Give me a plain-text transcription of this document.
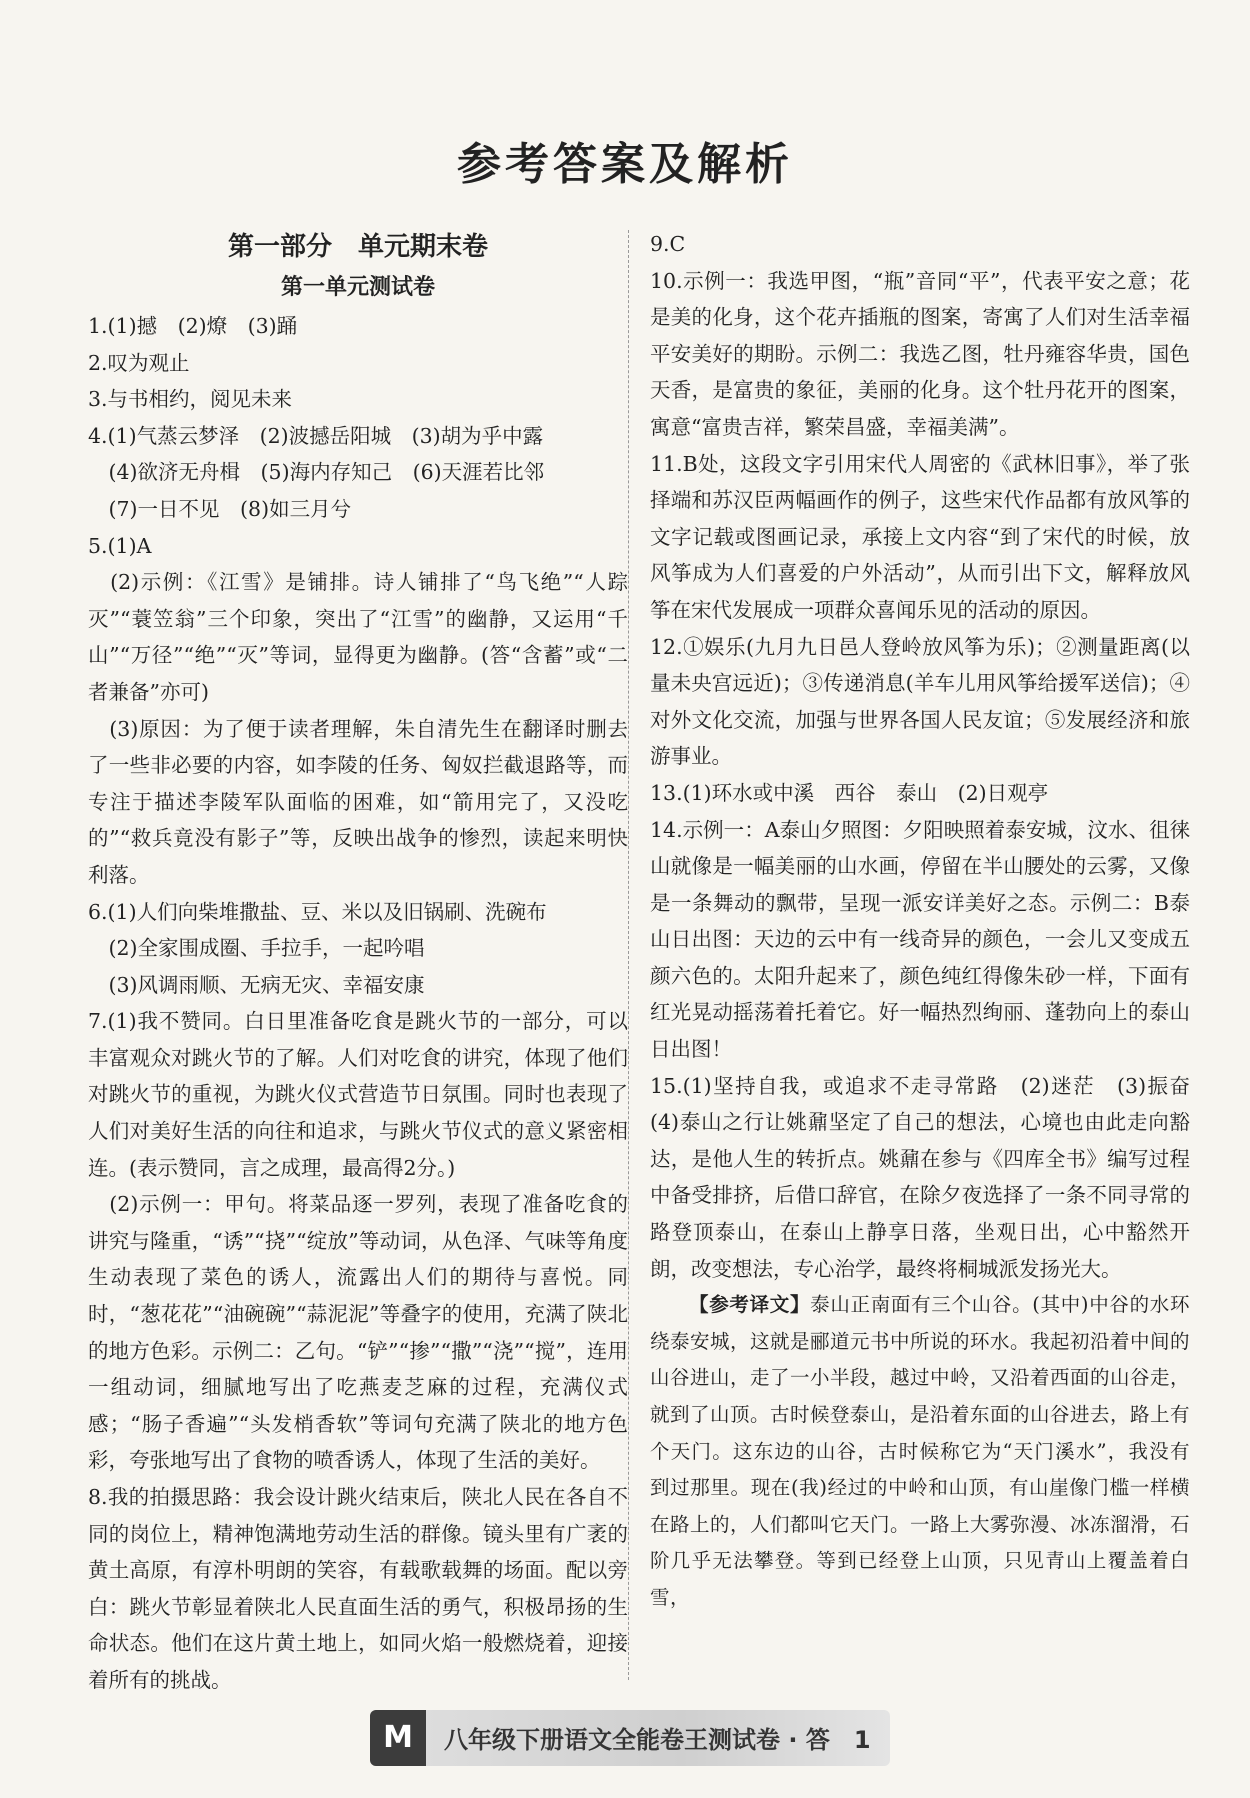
参考答案及解析
第一部分　单元期末卷
第一单元测试卷
1.(1)撼　(2)燎　(3)踊
2.叹为观止
3.与书相约，阅见未来
4.(1)气蒸云梦泽　(2)波撼岳阳城　(3)胡为乎中露
　(4)欲济无舟楫　(5)海内存知己　(6)天涯若比邻
　(7)一日不见　(8)如三月兮
5.(1)A
　(2)示例：《江雪》是铺排。诗人铺排了“鸟飞绝”“人踪灭”“蓑笠翁”三个印象，突出了“江雪”的幽静，又运用“千山”“万径”“绝”“灭”等词，显得更为幽静。(答“含蓄”或“二者兼备”亦可)
　(3)原因：为了便于读者理解，朱自清先生在翻译时删去了一些非必要的内容，如李陵的任务、匈奴拦截退路等，而专注于描述李陵军队面临的困难，如“箭用完了，又没吃的”“救兵竟没有影子”等，反映出战争的惨烈，读起来明快利落。
6.(1)人们向柴堆撒盐、豆、米以及旧锅刷、洗碗布
　(2)全家围成圈、手拉手，一起吟唱
　(3)风调雨顺、无病无灾、幸福安康
7.(1)我不赞同。白日里准备吃食是跳火节的一部分，可以丰富观众对跳火节的了解。人们对吃食的讲究，体现了他们对跳火节的重视，为跳火仪式营造节日氛围。同时也表现了人们对美好生活的向往和追求，与跳火节仪式的意义紧密相连。(表示赞同，言之成理，最高得2分。)
　(2)示例一：甲句。将菜品逐一罗列，表现了准备吃食的讲究与隆重，“诱”“挠”“绽放”等动词，从色泽、气味等角度生动表现了菜色的诱人，流露出人们的期待与喜悦。同时，“葱花花”“油碗碗”“蒜泥泥”等叠字的使用，充满了陕北的地方色彩。示例二：乙句。“铲”“掺”“撒”“浇”“搅”，连用一组动词，细腻地写出了吃燕麦芝麻的过程，充满仪式感；“肠子香遍”“头发梢香软”等词句充满了陕北的地方色彩，夸张地写出了食物的喷香诱人，体现了生活的美好。
8.我的拍摄思路：我会设计跳火结束后，陕北人民在各自不同的岗位上，精神饱满地劳动生活的群像。镜头里有广袤的黄土高原，有淳朴明朗的笑容，有载歌载舞的场面。配以旁白：跳火节彰显着陕北人民直面生活的勇气，积极昂扬的生命状态。他们在这片黄土地上，如同火焰一般燃烧着，迎接着所有的挑战。
9.C
10.示例一：我选甲图，“瓶”音同“平”，代表平安之意；花是美的化身，这个花卉插瓶的图案，寄寓了人们对生活幸福平安美好的期盼。示例二：我选乙图，牡丹雍容华贵，国色天香，是富贵的象征，美丽的化身。这个牡丹花开的图案，寓意“富贵吉祥，繁荣昌盛，幸福美满”。
11.B处，这段文字引用宋代人周密的《武林旧事》，举了张择端和苏汉臣两幅画作的例子，这些宋代作品都有放风筝的文字记载或图画记录，承接上文内容“到了宋代的时候，放风筝成为人们喜爱的户外活动”，从而引出下文，解释放风筝在宋代发展成一项群众喜闻乐见的活动的原因。
12.①娱乐(九月九日邑人登岭放风筝为乐)；②测量距离(以量未央宫远近)；③传递消息(羊车儿用风筝给援军送信)；④对外文化交流，加强与世界各国人民友谊；⑤发展经济和旅游事业。
13.(1)环水或中溪　西谷　泰山　(2)日观亭
14.示例一：A泰山夕照图：夕阳映照着泰安城，汶水、徂徕山就像是一幅美丽的山水画，停留在半山腰处的云雾，又像是一条舞动的飘带，呈现一派安详美好之态。示例二：B泰山日出图：天边的云中有一线奇异的颜色，一会儿又变成五颜六色的。太阳升起来了，颜色纯红得像朱砂一样，下面有红光晃动摇荡着托着它。好一幅热烈绚丽、蓬勃向上的泰山日出图！
15.(1)坚持自我，或追求不走寻常路　(2)迷茫　(3)振奋　(4)泰山之行让姚鼐坚定了自己的想法，心境也由此走向豁达，是他人生的转折点。姚鼐在参与《四库全书》编写过程中备受排挤，后借口辞官，在除夕夜选择了一条不同寻常的路登顶泰山，在泰山上静享日落，坐观日出，心中豁然开朗，改变想法，专心治学，最终将桐城派发扬光大。
【参考译文】泰山正南面有三个山谷。(其中)中谷的水环绕泰安城，这就是郦道元书中所说的环水。我起初沿着中间的山谷进山，走了一小半段，越过中岭，又沿着西面的山谷走，就到了山顶。古时候登泰山，是沿着东面的山谷进去，路上有个天门。这东边的山谷，古时候称它为“天门溪水”，我没有到过那里。现在(我)经过的中岭和山顶，有山崖像门槛一样横在路上的，人们都叫它天门。一路上大雾弥漫、冰冻溜滑，石阶几乎无法攀登。等到已经登上山顶，只见青山上覆盖着白雪，
M	八年级下册语文全能卷王测试卷 · 答　1
